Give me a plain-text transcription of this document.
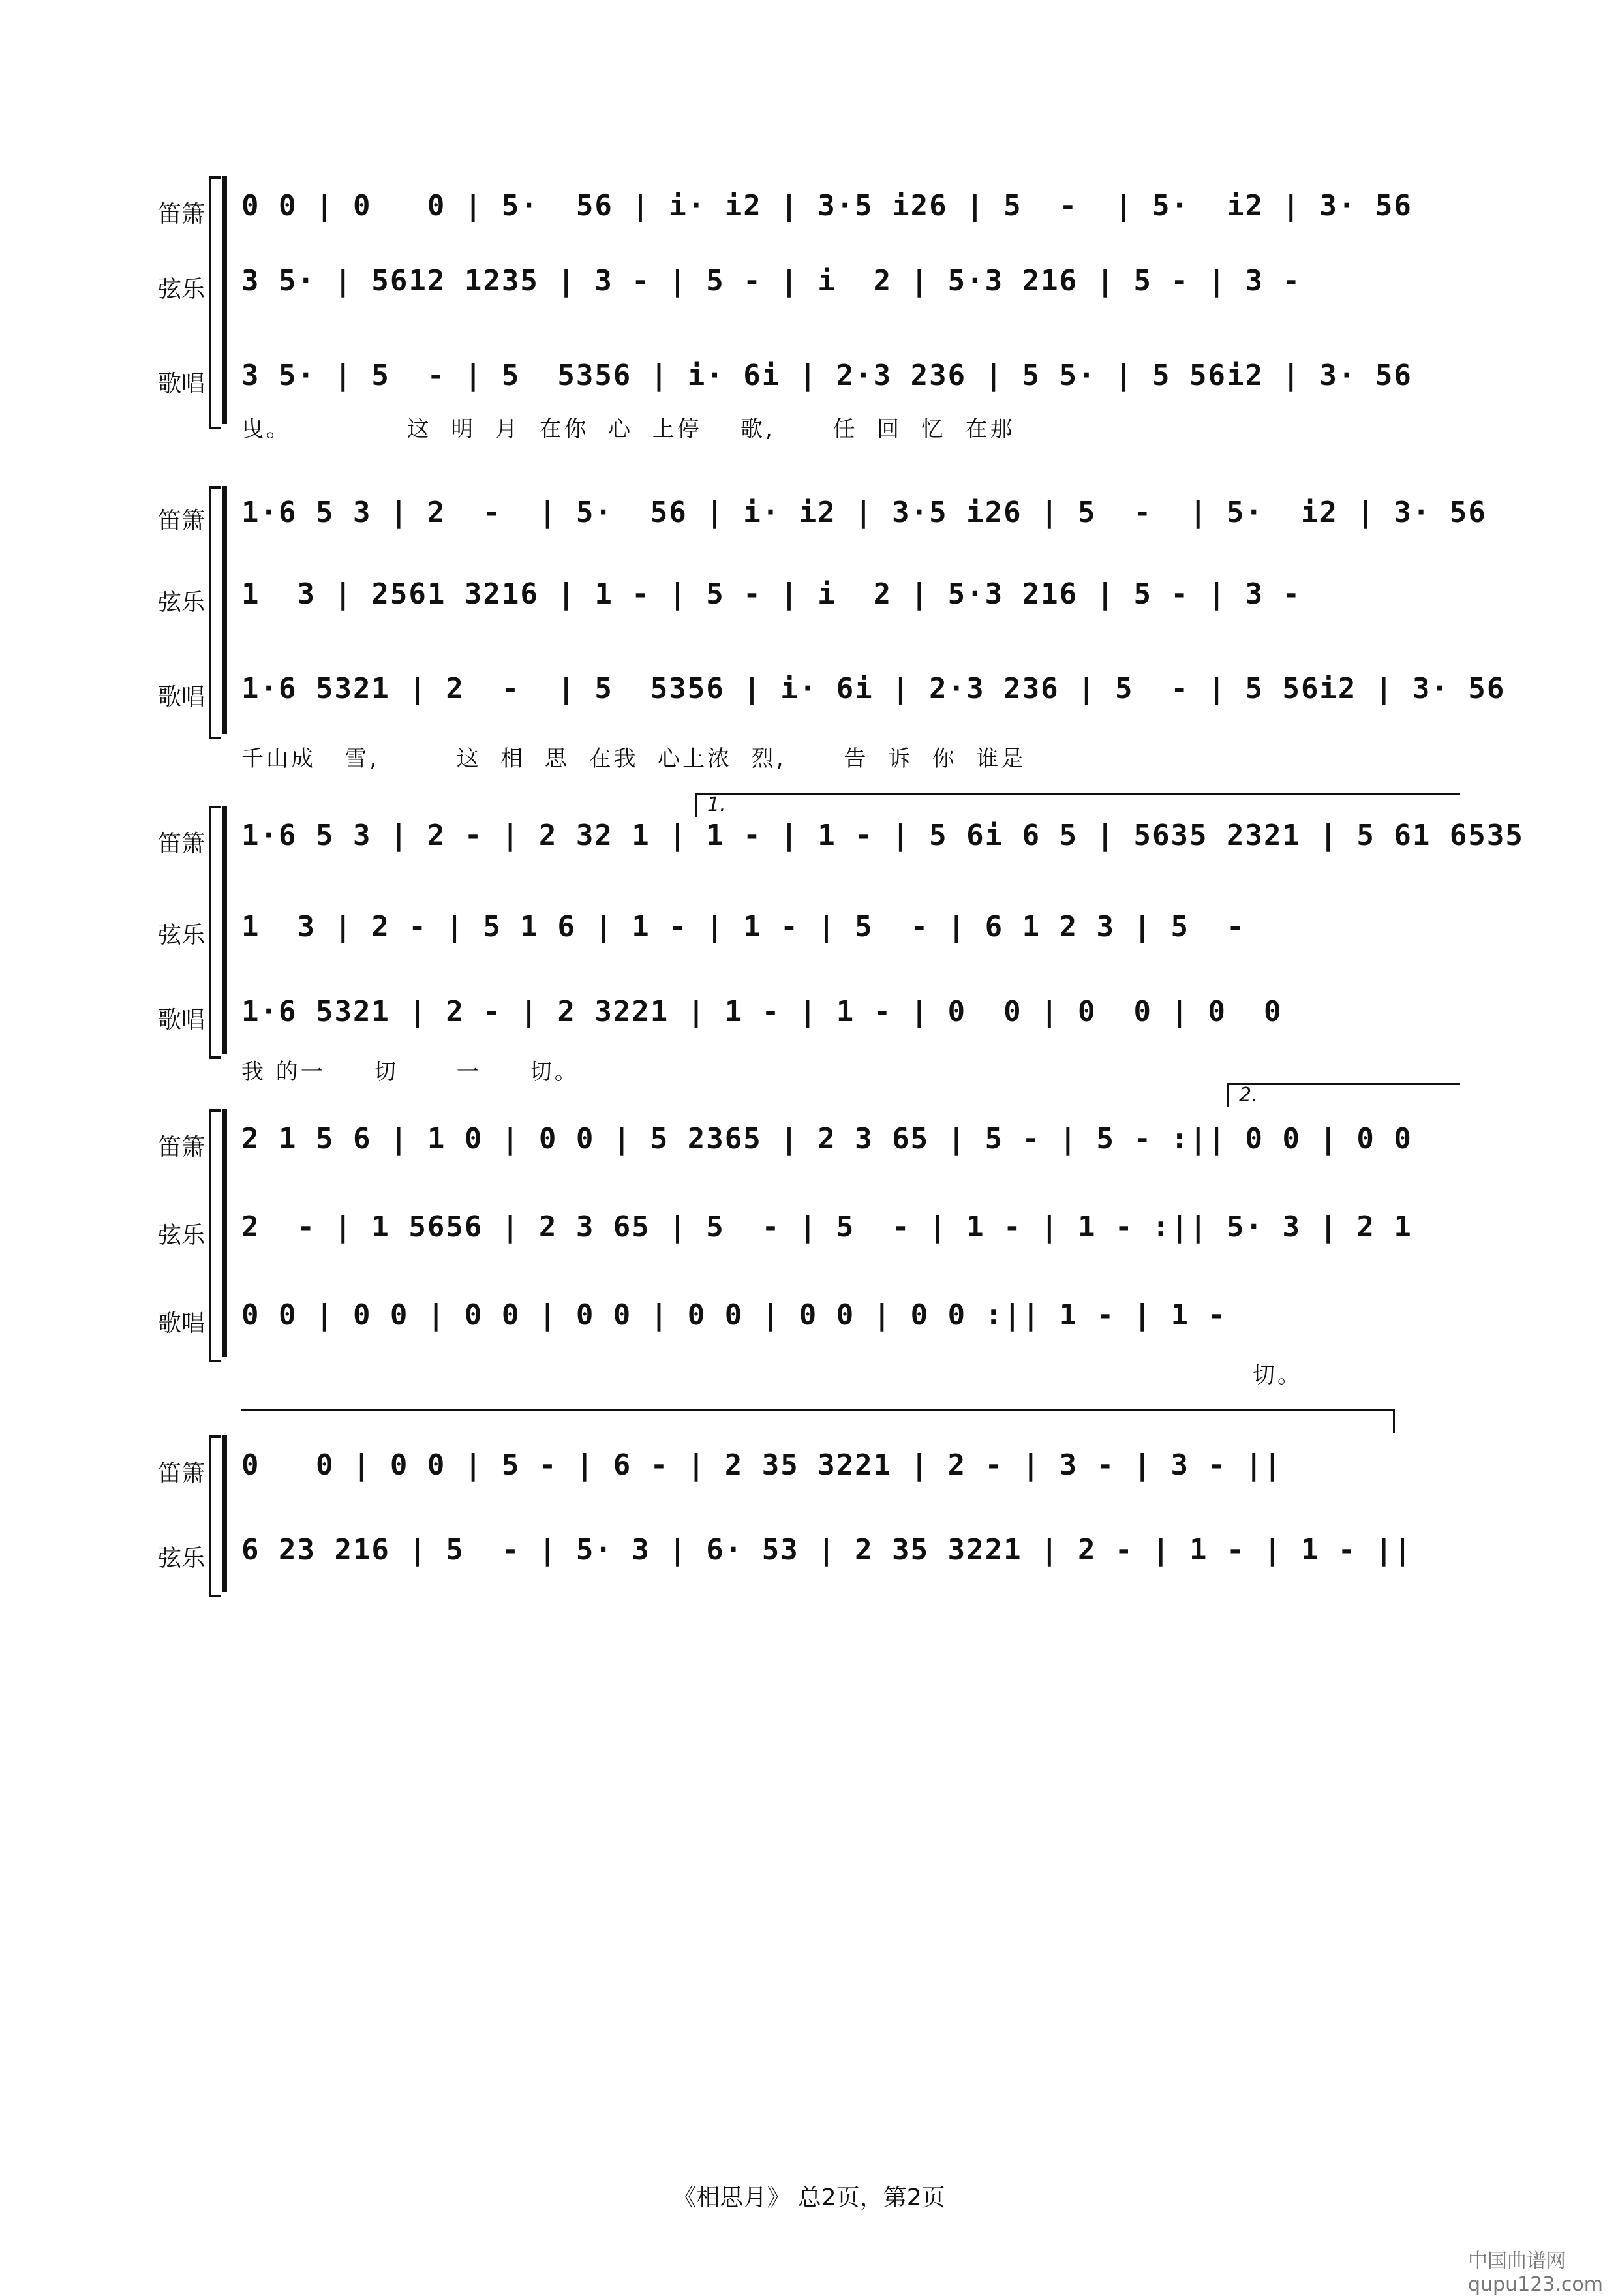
笛箫 0 0 | 0   0 | 5·  56 | i· i2 | 3·5 i26 | 5  -  | 5·  i2 | 3· 56
弦乐 3 5· | 5612 1235 | 3 - | 5 - | i  2 | 5·3 216 | 5 - | 3 -
歌唱 3 5· | 5  - | 5  5356 | i· 6i | 2·3 236 | 5 5· | 5 56i2 | 3· 56
曳。            这  明  月  在你  心  上停    歌,      任  回  忆  在那
笛箫 1·6 5 3 | 2  -  | 5·  56 | i· i2 | 3·5 i26 | 5  -  | 5·  i2 | 3· 56
弦乐 1  3 | 2561 3216 | 1 - | 5 - | i  2 | 5·3 216 | 5 - | 3 -
歌唱 1·6 5321 | 2  -  | 5  5356 | i· 6i | 2·3 236 | 5  - | 5 56i2 | 3· 56
千山成   雪,        这  相  思  在我  心上浓  烈,      告  诉  你  谁是
1.
笛箫 1·6 5 3 | 2 - | 2 32 1 | 1 - | 1 - | 5 6i 6 5 | 5635 2321 | 5 61 6535
弦乐 1  3 | 2 - | 5 1 6 | 1 - | 1 - | 5  - | 6 1 2 3 | 5  -
歌唱 1·6 5321 | 2 - | 2 3221 | 1 - | 1 - | 0  0 | 0  0 | 0  0
我 的一     切      一     切。
2.
笛箫 2 1 5 6 | 1 0 | 0 0 | 5 2365 | 2 3 65 | 5 - | 5 - :|| 0 0 | 0 0
弦乐 2  - | 1 5656 | 2 3 65 | 5  - | 5  - | 1 - | 1 - :|| 5· 3 | 2 1
歌唱 0 0 | 0 0 | 0 0 | 0 0 | 0 0 | 0 0 | 0 0 :|| 1 - | 1 -
切。
笛箫 0   0 | 0 0 | 5 - | 6 - | 2 35 3221 | 2 - | 3 - | 3 - ||
弦乐 6 23 216 | 5  - | 5· 3 | 6· 53 | 2 35 3221 | 2 - | 1 - | 1 - ||
《相思月》 总2页，第2页
中国曲谱网 qupu123.com
